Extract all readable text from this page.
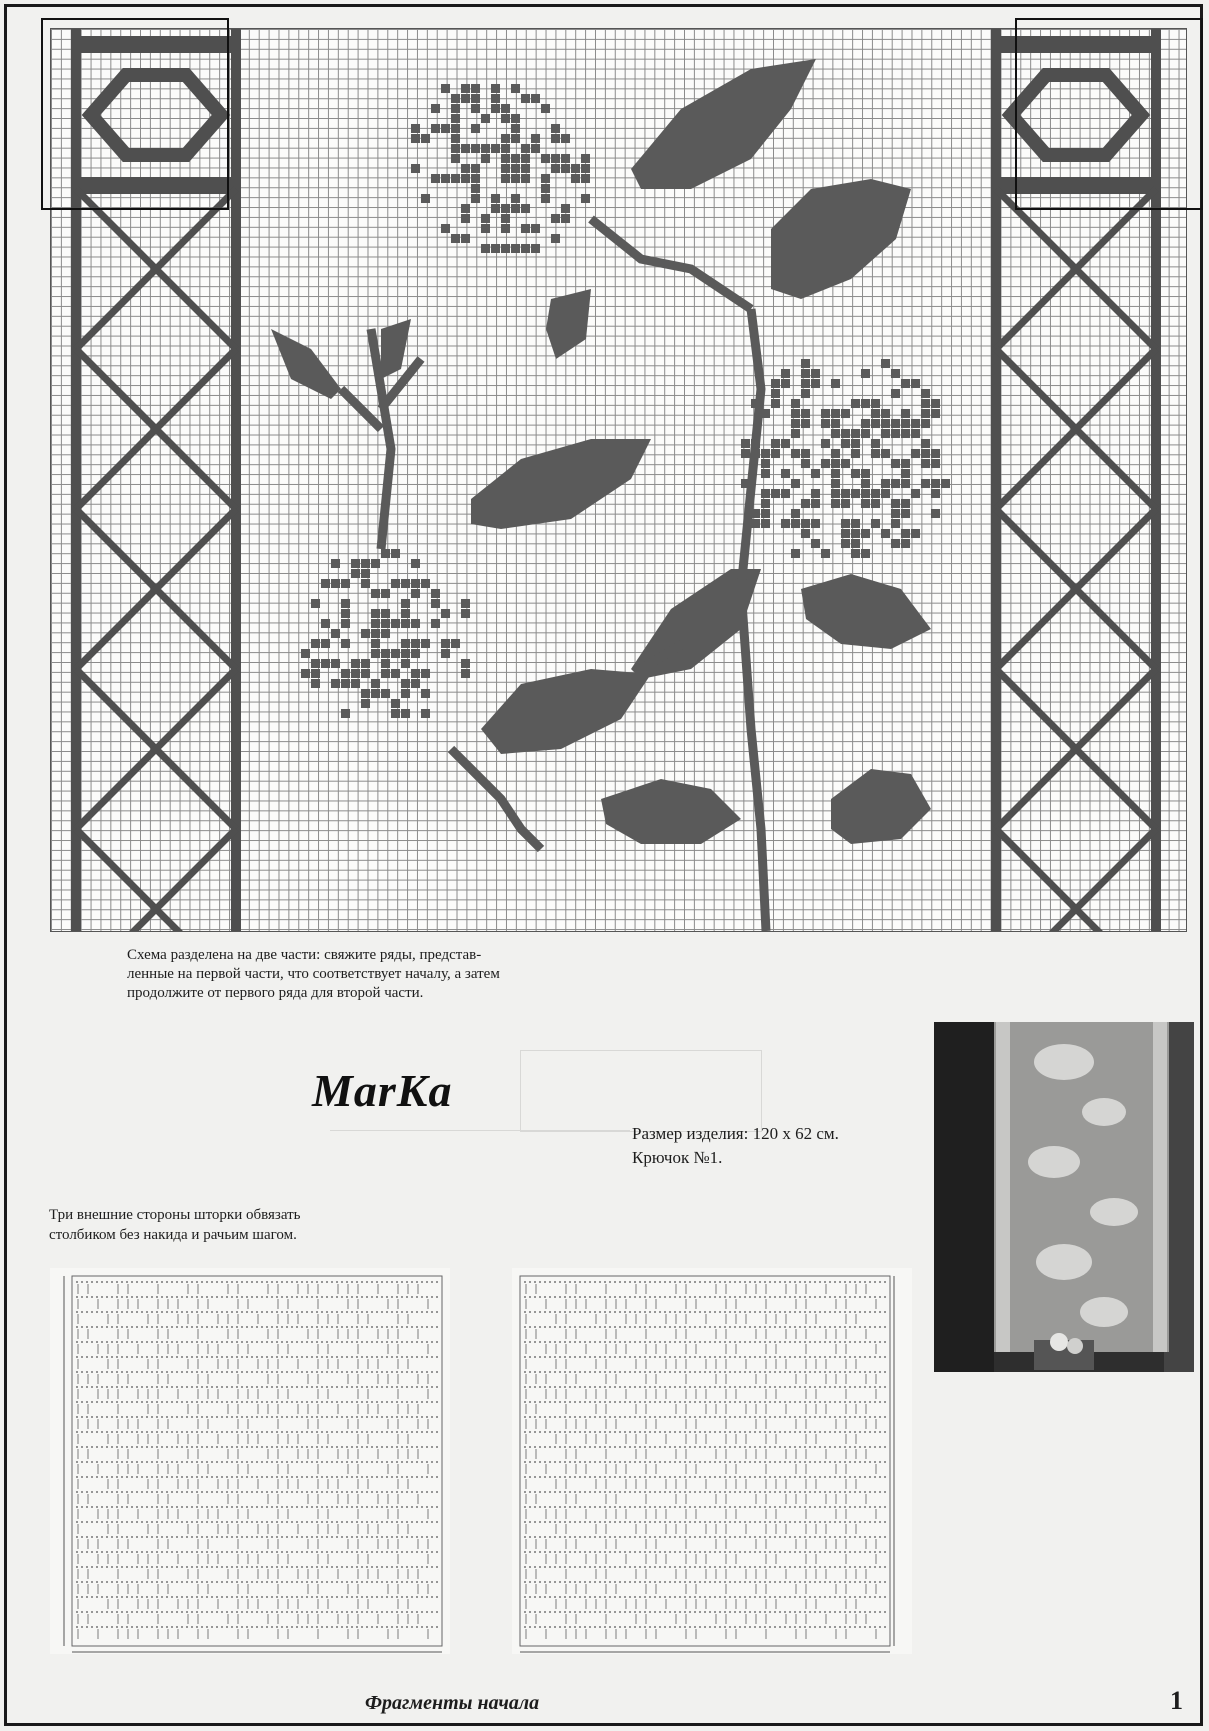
Схема разделена на две части: свяжите ряды, представ-
ленные на первой части, что соответствует началу, а затем
продолжите от первого ряда для второй части.
MarKa
Размер изделия: 120 х 62 см.
Крючок №1.
Три внешние стороны шторки обвязать
столбиком без накида и рачьим шагом.
Фрагменты начала	1
